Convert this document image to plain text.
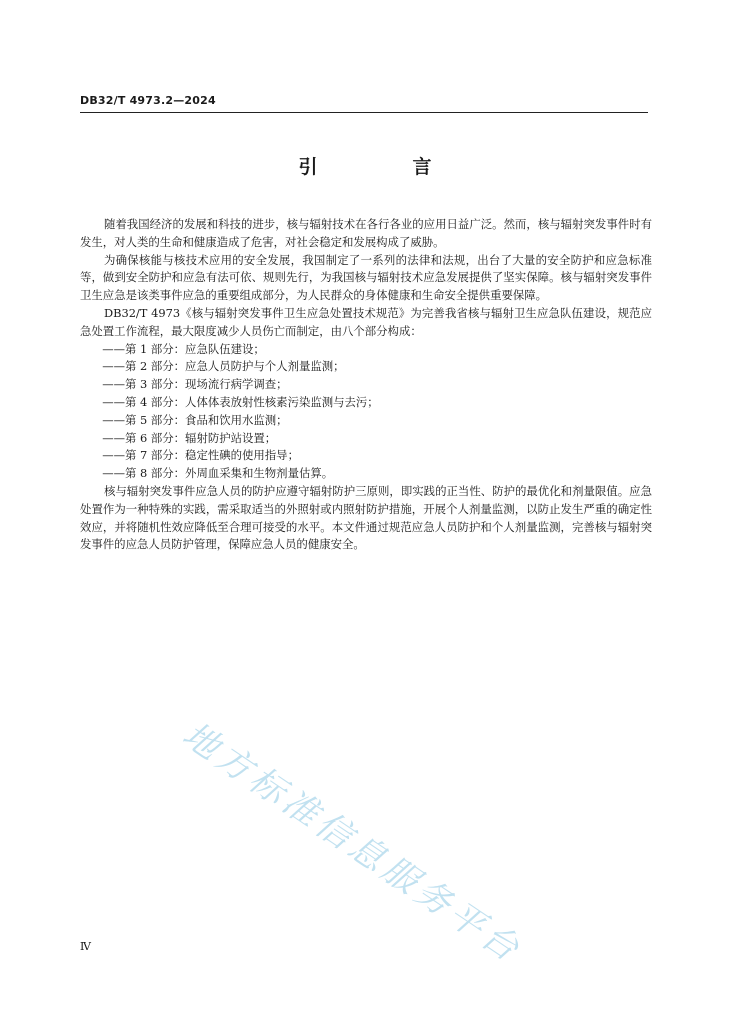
DB32/T 4973.2—2024
引　言

随着我国经济的发展和科技的进步，核与辐射技术在各行各业的应用日益广泛。然而，核与辐射突发事件时有发生，对人类的生命和健康造成了危害，对社会稳定和发展构成了威胁。

为确保核能与核技术应用的安全发展，我国制定了一系列的法律和法规，出台了大量的安全防护和应急标准等，做到安全防护和应急有法可依、规则先行，为我国核与辐射技术应急发展提供了坚实保障。核与辐射突发事件卫生应急是该类事件应急的重要组成部分，为人民群众的身体健康和生命安全提供重要保障。

DB32/T 4973《核与辐射突发事件卫生应急处置技术规范》为完善我省核与辐射卫生应急队伍建设，规范应急处置工作流程，最大限度减少人员伤亡而制定，由八个部分构成：

——第 1 部分：应急队伍建设；
——第 2 部分：应急人员防护与个人剂量监测；
——第 3 部分：现场流行病学调查；
——第 4 部分：人体体表放射性核素污染监测与去污；
——第 5 部分：食品和饮用水监测；
——第 6 部分：辐射防护站设置；
——第 7 部分：稳定性碘的使用指导；
——第 8 部分：外周血采集和生物剂量估算。

核与辐射突发事件应急人员的防护应遵守辐射防护三原则，即实践的正当性、防护的最优化和剂量限值。应急处置作为一种特殊的实践，需采取适当的外照射或内照射防护措施，开展个人剂量监测，以防止发生严重的确定性效应，并将随机性效应降低至合理可接受的水平。本文件通过规范应急人员防护和个人剂量监测，完善核与辐射突发事件的应急人员防护管理，保障应急人员的健康安全。

地方标准信息服务平台
Ⅳ
